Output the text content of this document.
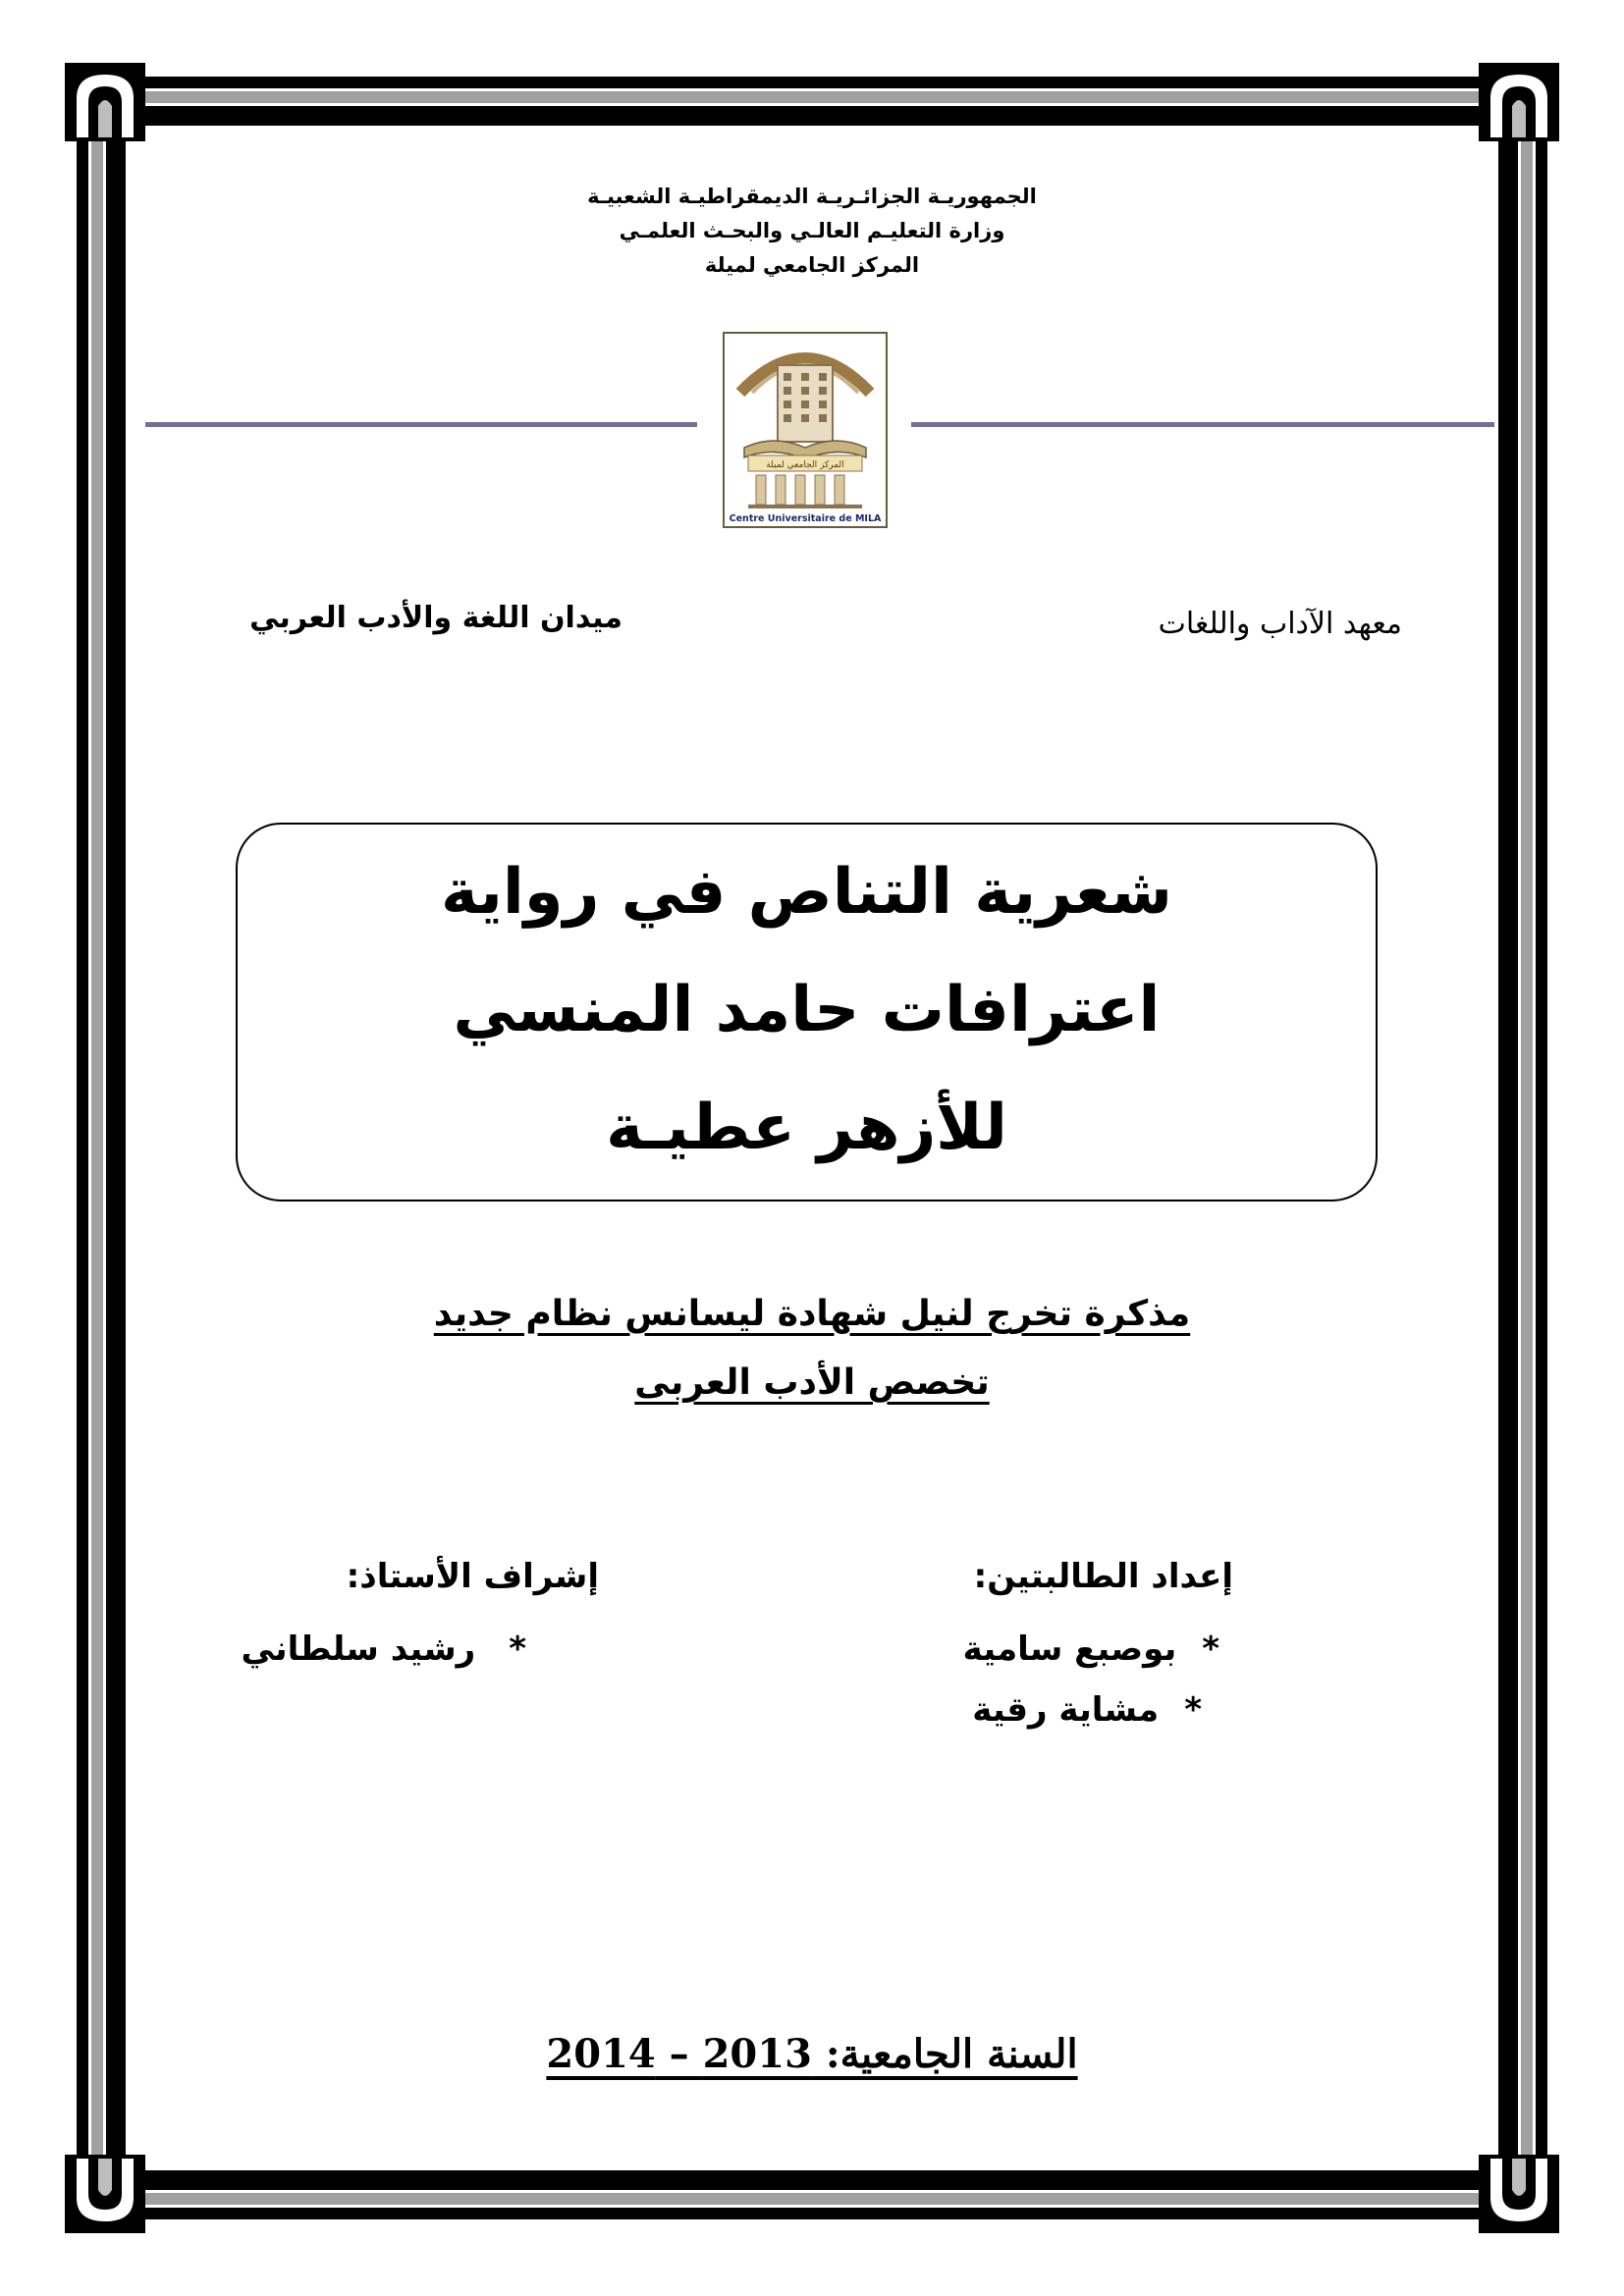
الجمهوريـة الجزائـريـة الديمقراطيـة الشعبيـة
وزارة التعليـم العالـي والبحـث العلمـي
المركز الجامعي لميلة
المركز الجامعي لميلة
Centre Universitaire de MILA
معهد الآداب واللغات
ميدان اللغة والأدب العربي
شعرية التناص في رواية
اعترافات حامد المنسي
للأزهر عطيـة
مذكرة تخرج لنيل شهادة ليسانس نظام جديد
تخصص الأدب العربى
إعداد الطالبتين:
*
بوصبع سامية
*
مشاية رقية
إشراف الأستاذ:
*
رشيد سلطاني
السنة الجامعية: 2013 – 2014
